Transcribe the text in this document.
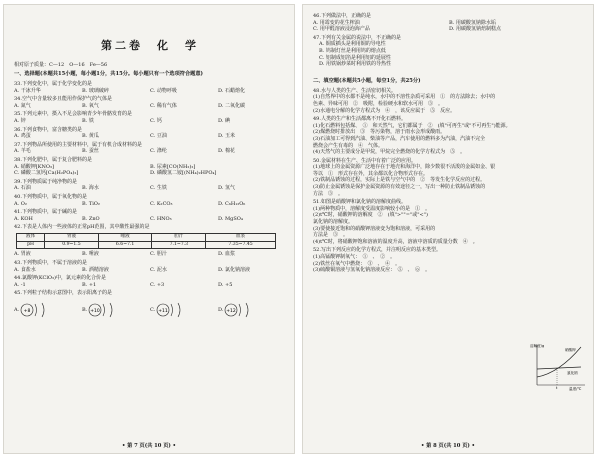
第二卷　化　学
相对原子质量：C—12　O—16　Fe—56
一、选择题(本题共15小题，每小题1分，共15分。每小题只有一个选项符合题意)
33.下列变化中，属于化学变化的是
A. 干冰升华	B. 玻璃破碎	C. 动物呼吸	D. 石蜡熔化
34.空气中含量较多且能用作保护气的气体是
A. 氮气	B. 氧气	C. 稀有气体	D. 二氧化碳
35.下列元素中，摄入不足会影响青少年骨骼发育的是
A. 锌	B. 铁	C. 钙	D. 碘
36.下列食物中，富含糖类的是
A. 鸡蛋	B. 黄瓜	C. 豆油	D. 玉米
37.下列物品所使用的主要材料中，属于有机合成材料的是
A. 羊毛	B. 蚕丝	C. 涤纶	D. 棉花
38.下列化肥中，属于复合肥料的是
A. 硝酸钾[KNO₃]	B. 尿素[CO(NH₂)₂]
C. 磷酸二氢钙[Ca(H₂PO₄)₂]	D. 磷酸氢二铵[(NH₄)₂HPO₄]
39.下列物质属于纯净物的是
A. 石油	B. 海水	C. 生铁	D. 氢气
40.下列物质中，属于氧化物的是
A. O₂	B. TiO₂	C. K₂CO₃	D. C₆H₁₂O₆
41.下列物质中，属于碱的是
A. KOH	B. ZnO	C. HNO₃	D. MgSO₄
42.下表是人体内一些液体的正常pH范围，其中酸性最强的是
液体	胃液	唾液	胆汁	血浆
pH	0.9~1.5	6.6~7.1	7.1~7.3	7.35~7.45
A. 胃液	B. 唾液	C. 胆汁	D. 血浆
43.下列物质中，不属于溶液的是
A. 食盐水	B. 酒精溶液	C. 泥水	D. 氯化钠溶液
44.氯酸钾(KClO₃)中，氯元素的化合价是
A. -1	B. +1	C. +3	D. +5
45.下列粒子结构示意图中，表示阳离子的是
A. +8	B. +10	C. +11	D. +12
• 第 7 页(共 10 页) •
46.下列做法中，正确的是
A. 用霉变的花生榨油	B. 用碳酸氢钠除水垢
C. 用甲醛溶液浸泡海产品	D. 用碳酸氢钠焙制糕点
47.下列有关金属的说法中，不正确的是
A. 铜质插头是利用铜的导电性
B. 钨制灯丝是利用钨的熔点低
C. 铝制成铝箔是利用铝的延展性
D. 用铁锅炒菜时利用铁的导热性
二、填空题(本题共5小题，每空1分，共25分)
48.水与人类的生产、生活密切相关。
(1)自然界中的水都不是纯水，水中的不溶性杂质可采用　①　的方法除去；水中的
色素、异味可用　②　吸附，检验硬水和软水可用　③　。
(2)水通电分解的化学方程式为　④　，该反应属于　⑤　反应。
49.人类的生产和生活都离不开化石燃料。
(1)化石燃料包括煤、　①　和天然气，它们都属于　②　(填"可再生"或"不可再生")能源。
(2)煤燃烧时排放出　③　等污染物，溶于雨水会形成酸雨。
(3)石油加工可得到汽油、柴油等产品，汽车使用的燃料多为汽油，汽油不完全
燃烧会产生有毒的　④　气体。
(4)天然气的主要成分是甲烷，甲烷完全燃烧的化学方程式为　⑤　。
50.金属材料在生产、生活中有着广泛的应用。
(1)地球上的金属资源广泛地存在于地壳和海洋中，除少数很不活泼的金属如金、银
等以　①　形式存在外，其余都以化合物形式存在。
(2)铁制品锈蚀的过程，实际上是铁与空气中的　②　等发生化学反应的过程。
(3)防止金属锈蚀是保护金属资源的有效途径之一，写出一种防止铁制品锈蚀的
方法　③　。
51.如图是硝酸钾和氯化钠的溶解度曲线。
(1)两种物质中，溶解度受温度影响较小的是　①　。
(2)t℃时，硝酸钾的溶解度　②　(填">""="或"<")
氯化钠的溶解度。
(3)要使接近饱和的硝酸钾溶液变为饱和溶液，可采用的
方法是　③　。
(4)t℃时，将硝酸钾饱和溶液的温度升高，溶液中溶质的质量分数　④　。
52.写出下列反应的化学方程式，并注明反应的基本类型。
(1)高锰酸钾制氧气：　①　、　②　。
(2)铁丝在氧气中燃烧：　③　、　④　。
(3)硫酸铜溶液与氢氧化钠溶液反应：　⑤　、　⑥　。
溶解度/g
温度/℃
硝酸钾
氯化钠
t
• 第 8 页(共 10 页) •
